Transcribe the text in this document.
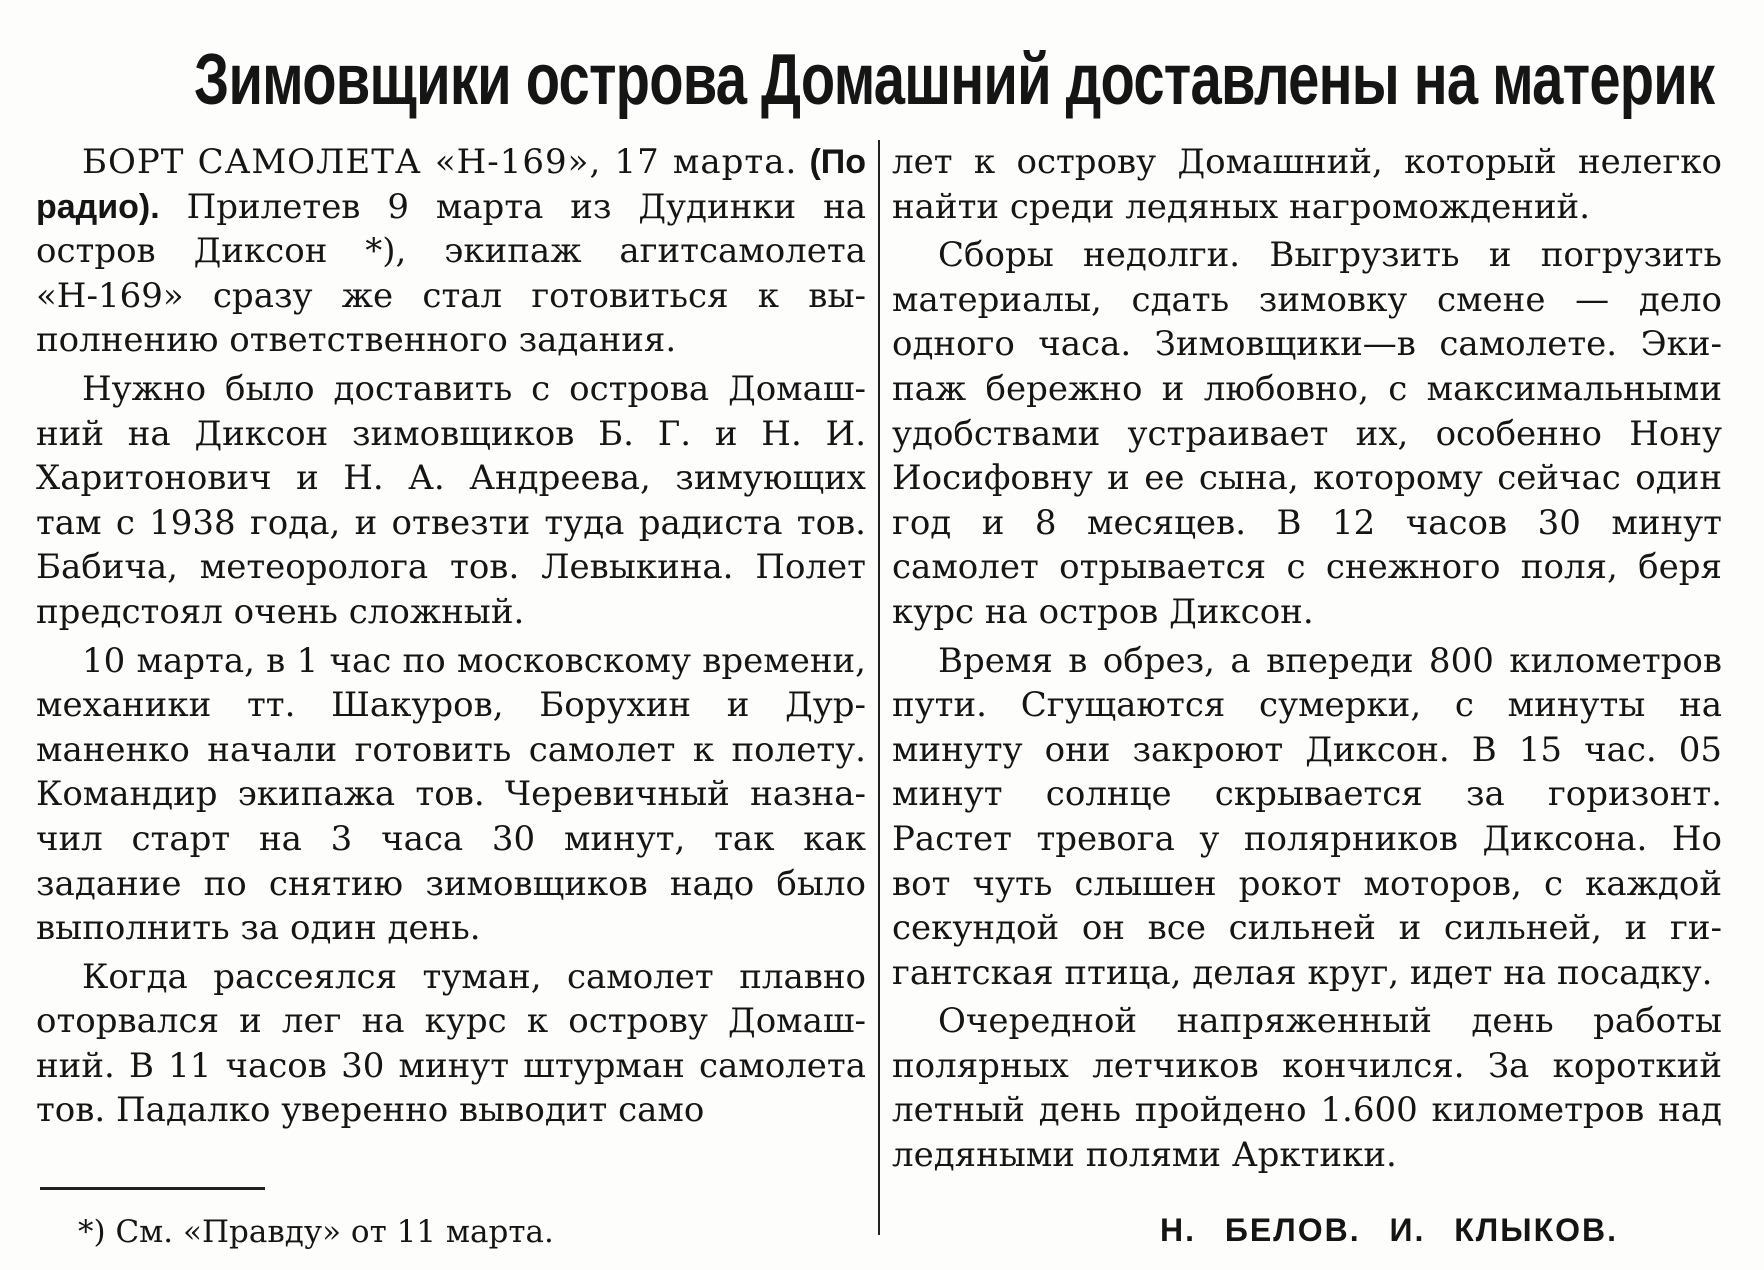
Зимовщики острова Домашний доставлены на материк

БОРТ САМОЛЕТА «Н-169», 17 марта. (По радио). Прилетев 9 марта из Дудинки на остров Диксон *), экипаж агитсамолета «Н-169» сразу же стал готовиться к выполнению ответственного задания.

Нужно было доставить с острова Домашний на Диксон зимовщиков Б. Г. и Н. И. Харитонович и Н. А. Андреева, зимующих там с 1938 года, и отвезти туда радиста тов. Бабича, метеоролога тов. Левыкина. Полет предстоял очень сложный.

10 марта, в 1 час по московскому времени, механики тт. Шакуров, Борухин и Дурманенко начали готовить самолет к полету. Командир экипажа тов. Черевичный назначил старт на 3 часа 30 минут, так как задание по снятию зимовщиков надо было выполнить за один день.

Когда рассеялся туман, самолет плавно оторвался и лег на курс к острову Домашний. В 11 часов 30 минут штурман самолета тов. Падалко уверенно выводит само

лет к острову Домашний, который нелегко найти среди ледяных нагромождений.

Сборы недолги. Выгрузить и погрузить материалы, сдать зимовку смене — дело одного часа. Зимовщики—в самолете. Экипаж бережно и любовно, с максимальными удобствами устраивает их, особенно Нону Иосифовну и ее сына, которому сейчас один год и 8 месяцев. В 12 часов 30 минут самолет отрывается с снежного поля, беря курс на остров Диксон.

Время в обрез, а впереди 800 километров пути. Сгущаются сумерки, с минуты на минуту они закроют Диксон. В 15 час. 05 минут солнце скрывается за горизонт. Растет тревога у полярников Диксона. Но вот чуть слышен рокот моторов, с каждой секундой он все сильней и сильней, и гигантская птица, делая круг, идет на посадку.

Очередной напряженный день работы полярных летчиков кончился. За короткий летный день пройдено 1.600 километров над ледяными полями Арктики.

*) См. «Правду» от 11 марта.	Н. БЕЛОВ. И. КЛЫКОВ.
